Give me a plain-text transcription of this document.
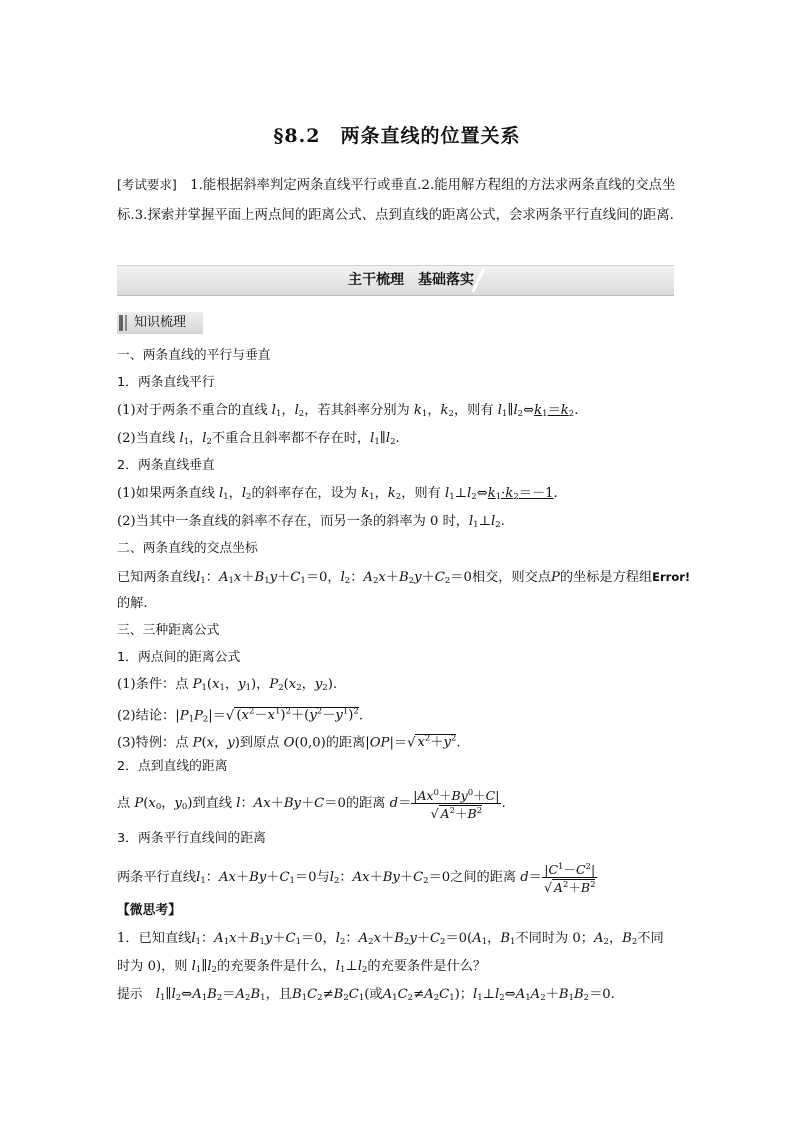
§8.2　两条直线的位置关系
[考试要求]　1.能根据斜率判定两条直线平行或垂直.2.能用解方程组的方法求两条直线的交点坐标.3.探索并掌握平面上两点间的距离公式、点到直线的距离公式，会求两条平行直线间的距离.
主干梳理　基础落实
知识梳理
一、两条直线的平行与垂直
1．两条直线平行
(1)对于两条不重合的直线 $l_1$，$l_2$，若其斜率分别为 $k_1$，$k_2$，则有 $l_1\parallel l_2\Leftrightarrow k_1=k_2$.
(2)当直线 $l_1$，$l_2$不重合且斜率都不存在时，$l_1\parallel l_2$.
2．两条直线垂直
(1)如果两条直线 $l_1$，$l_2$的斜率存在，设为 $k_1$，$k_2$，则有 $l_1\perp l_2\Leftrightarrow k_1\cdot k_2=-1$.
(2)当其中一条直线的斜率不存在，而另一条的斜率为 0 时，$l_1\perp l_2$.
二、两条直线的交点坐标
已知两条直线$l_1$：$A_1x+B_1y+C_1=0$，$l_2$：$A_2x+B_2y+C_2=0$相交，则交点P的坐标是方程组Error!
的解.
三、三种距离公式
1．两点间的距离公式
(1)条件：点 $P_1(x_1$，$y_1$)，$P_2(x_2$，$y_2$).
(2)结论：$|P_1P_2|=√$ $(x^2-x^1)^2+(y^2-y^1)^2$.
(3)特例：点 P(x，y)到原点 O(0,0)的距离|OP|＝√ $x^2+y^2$.
2．点到直线的距离
点 $P(x_0$，$y_0$)到直线 l：Ax＋By＋C＝0的距离 $d= \frac{|Ax^0+By^0+C|}{√ A^2+B^2}$ .
3．两条平行直线间的距离
两条平行直线$l_1$：$Ax+By+C_1=0$与$l_2$：$Ax+By+C_2=0$之间的距离 $d= \frac{|C^1-C^2|}{√ A^2+B^2}$
【微思考】
1．已知直线$l_1$：$A_1x+B_1y+C_1=0$，$l_2$：$A_2x+B_2y+C_2=0(A_1$，$B_1$不同时为 0；$A_2$，$B_2$不同
时为 0)，则 $l_1\parallel l_2$的充要条件是什么，$l_1\perp l_2$的充要条件是什么？
提示　 $l_1\parallel l_2\Leftrightarrow A_1B_2=A_2B_1$，且$B_1C_2\ne B_2C_1$(或$A_1C_2\ne A_2C_1$)；$l_1\perp l_2\Leftrightarrow A_1A_2+B_1B_2=0$.
